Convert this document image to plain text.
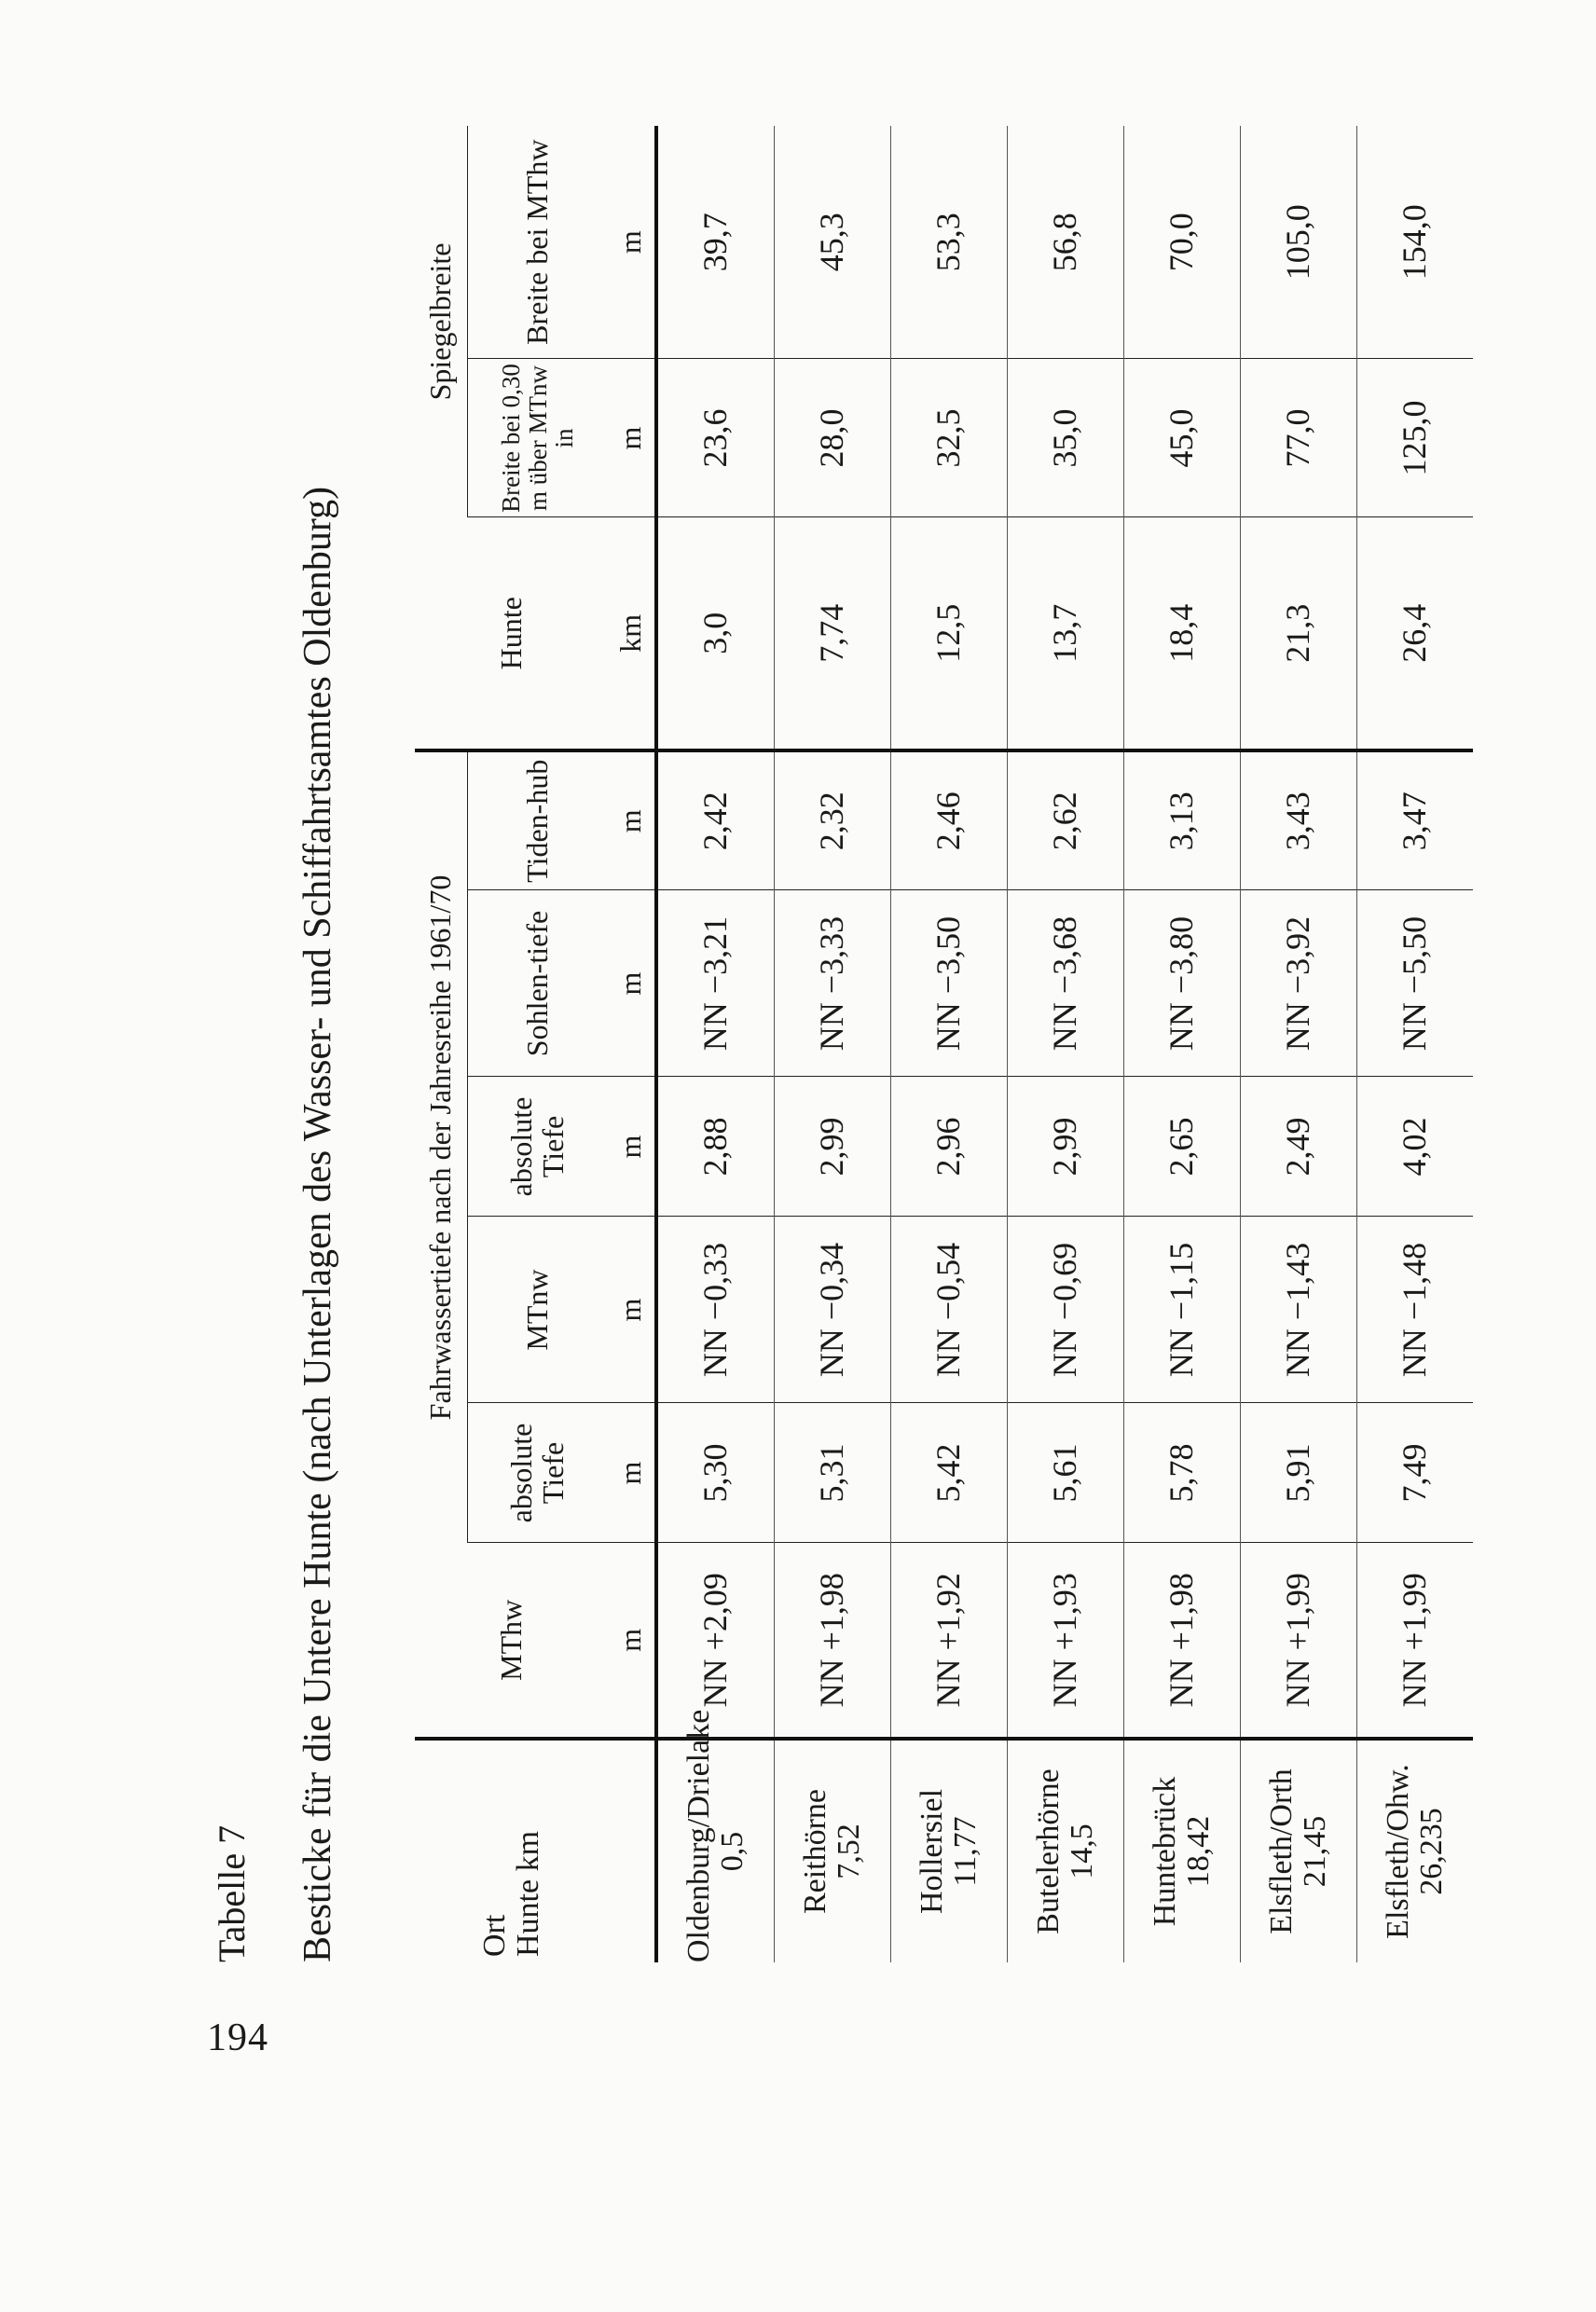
194
Tabelle 7 Besticke für die Untere Hunte (nach Unterlagen des Wasser- und Schiffahrtsamtes Oldenburg)	Ort
Hunte km	MThw	Fahrwassertiefe nach der Jahresreihe 1961/70					Hunte	Spiegelbreite	
		absolute Tiefe	MTnw	absolute Tiefe	Sohlen-tiefe	Tiden-hub		Breite bei 0,30 m über MTnw in	Breite bei MThw
	m	m	m	m	m	m	km	m	m

Oldenburg/Drielake
0,5	NN +2,09	5,30	NN −0,33	2,88	NN −3,21	2,42	3,0	23,6	39,7

Reithörne
7,52	NN +1,98	5,31	NN −0,34	2,99	NN −3,33	2,32	7,74	28,0	45,3

Hollersiel
11,77	NN +1,92	5,42	NN −0,54	2,96	NN −3,50	2,46	12,5	32,5	53,3

Butelerhörne
14,5	NN +1,93	5,61	NN −0,69	2,99	NN −3,68	2,62	13,7	35,0	56,8

Huntebrück
18,42	NN +1,98	5,78	NN −1,15	2,65	NN −3,80	3,13	18,4	45,0	70,0

Elsfleth/Orth
21,45	NN +1,99	5,91	NN −1,43	2,49	NN −3,92	3,43	21,3	77,0	105,0

Elsfleth/Ohw.
26,235	NN +1,99	7,49	NN −1,48	4,02	NN −5,50	3,47	26,4	125,0	154,0
